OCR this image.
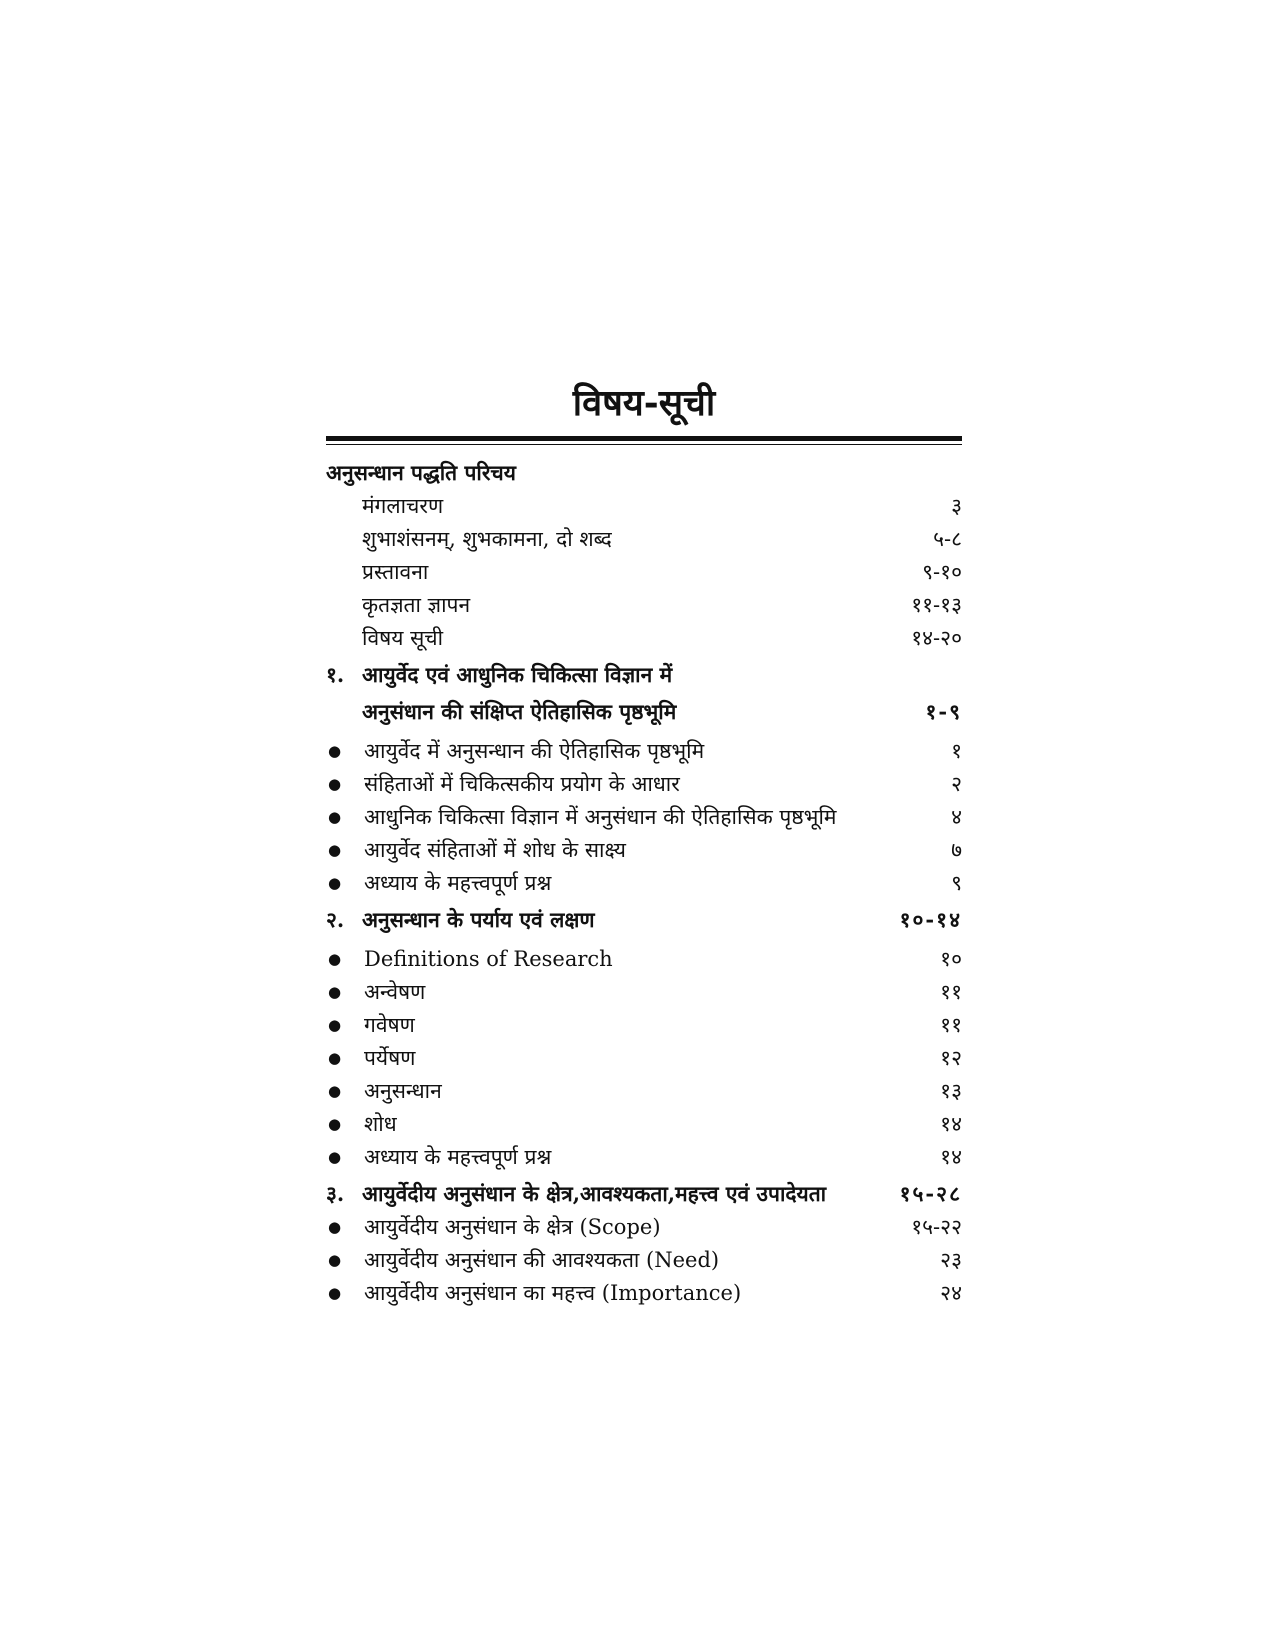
विषय-सूची
अनुसन्धान पद्धति परिचय
मंगलाचरण	३
शुभाशंसनम्, शुभकामना, दो शब्द	५-८
प्रस्तावना	९-१०
कृतज्ञता ज्ञापन	११-१३
विषय सूची	१४-२०
१. आयुर्वेद एवं आधुनिक चिकित्सा विज्ञान में
अनुसंधान की संक्षिप्त ऐतिहासिक पृष्ठभूमि	१-९
●	आयुर्वेद में अनुसन्धान की ऐतिहासिक पृष्ठभूमि	१
●	संहिताओं में चिकित्सकीय प्रयोग के आधार	२
●	आधुनिक चिकित्सा विज्ञान में अनुसंधान की ऐतिहासिक पृष्ठभूमि	४
●	आयुर्वेद संहिताओं में शोध के साक्ष्य	७
●	अध्याय के महत्त्वपूर्ण प्रश्न	९
२. अनुसन्धान के पर्याय एवं लक्षण	१०-१४
●	Definitions of Research	१०
●	अन्वेषण	११
●	गवेषण	११
●	पर्येषण	१२
●	अनुसन्धान	१३
●	शोध	१४
●	अध्याय के महत्त्वपूर्ण प्रश्न	१४
३. आयुर्वेदीय अनुसंधान के क्षेत्र,आवश्यकता,महत्त्व एवं उपादेयता	१५-२८
●	आयुर्वेदीय अनुसंधान के क्षेत्र (Scope)	१५-२२
●	आयुर्वेदीय अनुसंधान की आवश्यकता (Need)	२३
●	आयुर्वेदीय अनुसंधान का महत्त्व (Importance)	२४
